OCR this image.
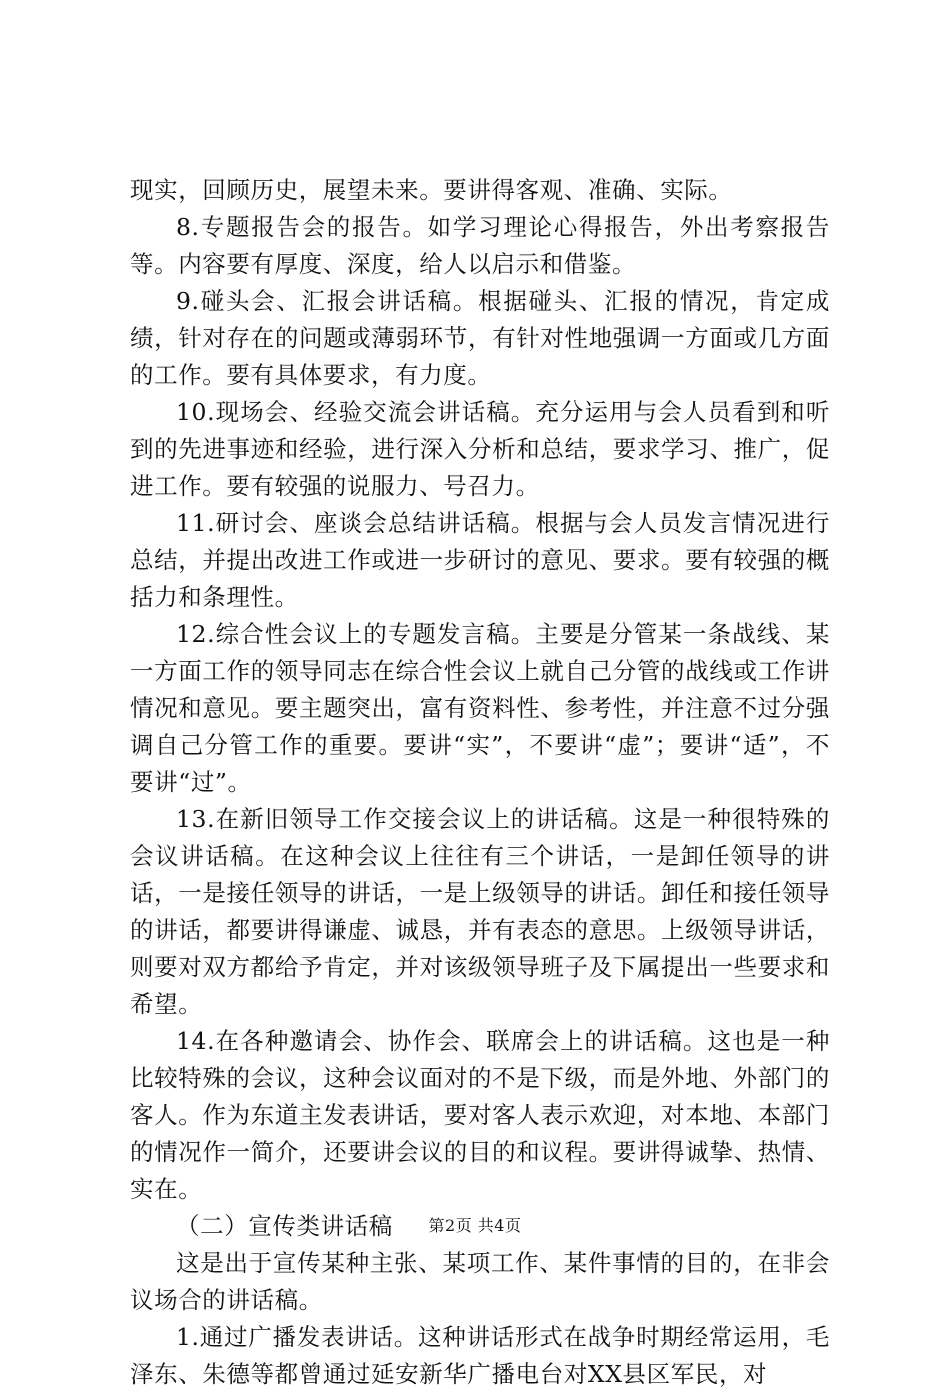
现实，回顾历史，展望未来。要讲得客观、准确、实际。

8.专题报告会的报告。如学习理论心得报告，外出考察报告等。内容要有厚度、深度，给人以启示和借鉴。

9.碰头会、汇报会讲话稿。根据碰头、汇报的情况，肯定成绩，针对存在的问题或薄弱环节，有针对性地强调一方面或几方面的工作。要有具体要求，有力度。

10.现场会、经验交流会讲话稿。充分运用与会人员看到和听到的先进事迹和经验，进行深入分析和总结，要求学习、推广，促进工作。要有较强的说服力、号召力。

11.研讨会、座谈会总结讲话稿。根据与会人员发言情况进行总结，并提出改进工作或进一步研讨的意见、要求。要有较强的概括力和条理性。

12.综合性会议上的专题发言稿。主要是分管某一条战线、某一方面工作的领导同志在综合性会议上就自己分管的战线或工作讲情况和意见。要主题突出，富有资料性、参考性，并注意不过分强调自己分管工作的重要。要讲“实”，不要讲“虚”；要讲“适”，不要讲“过”。

13.在新旧领导工作交接会议上的讲话稿。这是一种很特殊的会议讲话稿。在这种会议上往往有三个讲话，一是卸任领导的讲话，一是接任领导的讲话，一是上级领导的讲话。卸任和接任领导的讲话，都要讲得谦虚、诚恳，并有表态的意思。上级领导讲话，则要对双方都给予肯定，并对该级领导班子及下属提出一些要求和希望。

14.在各种邀请会、协作会、联席会上的讲话稿。这也是一种比较特殊的会议，这种会议面对的不是下级，而是外地、外部门的客人。作为东道主发表讲话，要对客人表示欢迎，对本地、本部门的情况作一简介，还要讲会议的目的和议程。要讲得诚挚、热情、实在。

（二）宣传类讲话稿

这是出于宣传某种主张、某项工作、某件事情的目的，在非会议场合的讲话稿。

1.通过广播发表讲话。这种讲话形式在战争时期经常运用，毛泽东、朱德等都曾通过延安新华广播电台对XX县区军民，对

第2页 共4页
